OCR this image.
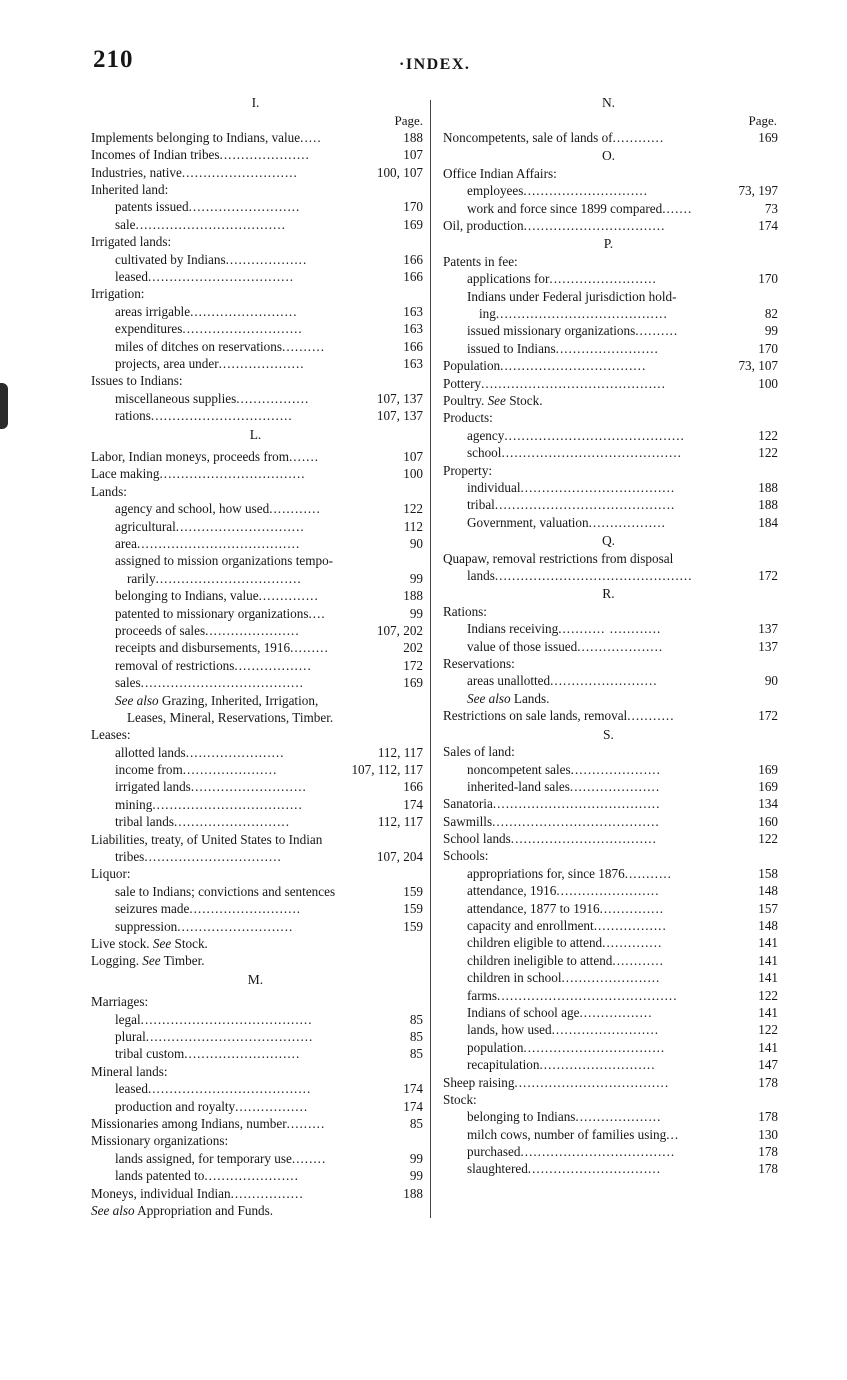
210	·INDEX.
I.
Page.
Implements belonging to Indians, value.....	188
Incomes of Indian tribes.....................	107
Industries, native...........................	100, 107
Inherited land:
patents issued..........................	170
sale...................................	169
Irrigated lands:
cultivated by Indians...................	166
leased..................................	166
Irrigation:
areas irrigable.........................	163
expenditures............................	163
miles of ditches on reservations..........	166
projects, area under....................	163
Issues to Indians:
miscellaneous supplies.................	107, 137
rations.................................	107, 137
L.
Labor, Indian moneys, proceeds from.......	107
Lace making..................................	100
Lands:
agency and school, how used............	122
agricultural..............................	112
area......................................	90
assigned to mission organizations tempo-
rarily..................................	99
belonging to Indians, value..............	188
patented to missionary organizations....	99
proceeds of sales......................	107, 202
receipts and disbursements, 1916.........	202
removal of restrictions..................	172
sales......................................	169
See also Grazing, Inherited, Irrigation,
Leases, Mineral, Reservations, Timber.
Leases:
allotted lands.......................	112, 117
income from......................	107, 112, 117
irrigated lands...........................	166
mining...................................	174
tribal lands...........................	112, 117
Liabilities, treaty, of United States to Indian
tribes................................	107, 204
Liquor:
sale to Indians; convictions and sentences	159
seizures made..........................	159
suppression...........................	159
Live stock. See Stock.
Logging. See Timber.
M.
Marriages:
legal........................................	85
plural.......................................	85
tribal custom...........................	85
Mineral lands:
leased......................................	174
production and royalty.................	174
Missionaries among Indians, number.........	85
Missionary organizations:
lands assigned, for temporary use........	99
lands patented to......................	99
Moneys, individual Indian.................	188
See also Appropriation and Funds.
N.
Page.
Noncompetents, sale of lands of............	169
O.
Office Indian Affairs:
employees.............................	73, 197
work and force since 1899 compared.......	73
Oil, production.................................	174
P.
Patents in fee:
applications for.........................	170
Indians under Federal jurisdiction hold-
ing........................................	82
issued missionary organizations..........	99
issued to Indians........................	170
Population..................................	73, 107
Pottery...........................................	100
Poultry. See Stock.
Products:
agency..........................................	122
school..........................................	122
Property:
individual....................................	188
tribal..........................................	188
Government, valuation..................	184
Q.
Quapaw, removal restrictions from disposal
lands..............................................	172
R.
Rations:
Indians receiving........... ............	137
value of those issued....................	137
Reservations:
areas unallotted.........................	90
See also Lands.
Restrictions on sale lands, removal...........	172
S.
Sales of land:
noncompetent sales.....................	169
inherited-land sales.....................	169
Sanatoria.......................................	134
Sawmills.......................................	160
School lands..................................	122
Schools:
appropriations for, since 1876...........	158
attendance, 1916........................	148
attendance, 1877 to 1916...............	157
capacity and enrollment.................	148
children eligible to attend..............	141
children ineligible to attend............	141
children in school.......................	141
farms..........................................	122
Indians of school age.................	141
lands, how used.........................	122
population.................................	141
recapitulation...........................	147
Sheep raising....................................	178
Stock:
belonging to Indians....................	178
milch cows, number of families using...	130
purchased....................................	178
slaughtered...............................	178
